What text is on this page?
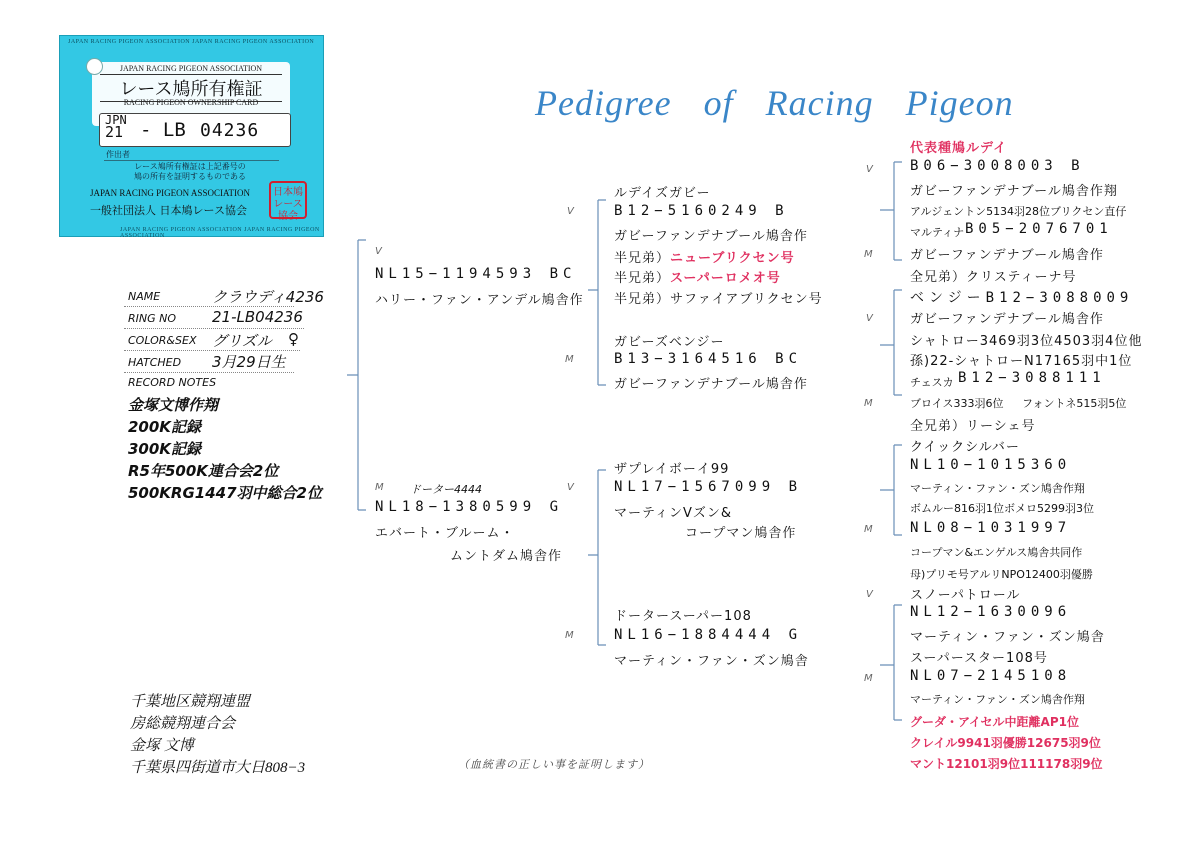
JAPAN RACING PIGEON ASSOCIATION JAPAN RACING PIGEON ASSOCIATION
JAPAN RACING PIGEON ASSOCIATION JAPAN RACING PIGEON ASSOCIATION
JAPAN RACING PIGEON ASSOCIATION
レース鳩所有権証
RACING PIGEON OWNERSHIP CARD
JPN
21 - LB 04236
作出者
レース鳩所有権証は上記番号の
鳩の所有を証明するものである
JAPAN RACING PIGEON ASSOCIATION
一般社団法人 日本鳩レース協会
日本鳩レース協会
Pedigree of Racing Pigeon
NAME	クラウディ4236
RING NO 21-LB04236
COLOR&SEX グリズル ♀
HATCHED 3月29日生
RECORD NOTES
金塚文博作翔
200K記録
300K記録
R5年500K連合会2位
500KRG1447羽中総合2位
V
NL15−1194593 BC
ハリー・ファン・アンデル鳩舎作
M ドーター4444
NL18−1380599 G
エバート・ブルーム・
ムントダム鳩舎作
ルデイズガビー
V	B12−5160249 B
ガビーファンデナブール鳩舎作
半兄弟）ニューブリクセン号
半兄弟）スーパーロメオ号
半兄弟）サファイアブリクセン号
ガビーズベンジー
M	B13−3164516 BC
ガビーファンデナブール鳩舎作
ザプレイボーイ99
V	NL17−1567099 B
マーティンVズン&
コープマン鳩舎作
ドータースーパー108
M	NL16−1884444 G
マーティン・ファン・ズン鳩舎
代表種鳩ルデイ
V	B06−3008003 B
ガビーファンデナブール鳩舎作翔
アルジェントン5134羽28位ブリクセン直仔
マルティナ B05−2076701
M	ガビーファンデナブール鳩舎作
全兄弟）クリスティーナ号
ベンジーB12−3088009
V	ガビーファンデナブール鳩舎作
シャトロー3469羽3位4503羽4位他
孫)22-シャトローN17165羽中1位
チェスカ B12−3088111
M	ブロイス333羽6位 フォントネ515羽5位
全兄弟）リーシェ号
クイックシルバー
NL10−1015360
マーティン・ファン・ズン鳩舎作翔
ボムルー816羽1位ボメロ5299羽3位
M	NL08−1031997
コープマン&エンゲルス鳩舎共同作
母)プリモ号アルリNPO12400羽優勝
V	スノーパトロール
NL12−1630096
マーティン・ファン・ズン鳩舎
スーパースター108号
M	NL07−2145108
マーティン・ファン・ズン鳩舎作翔
グーダ・アイセル中距離AP1位
クレイル9941羽優勝12675羽9位
マント12101羽9位111178羽9位
千葉地区競翔連盟
房総競翔連合会
金塚 文博
千葉県四街道市大日808−3	（血統書の正しい事を証明します）
